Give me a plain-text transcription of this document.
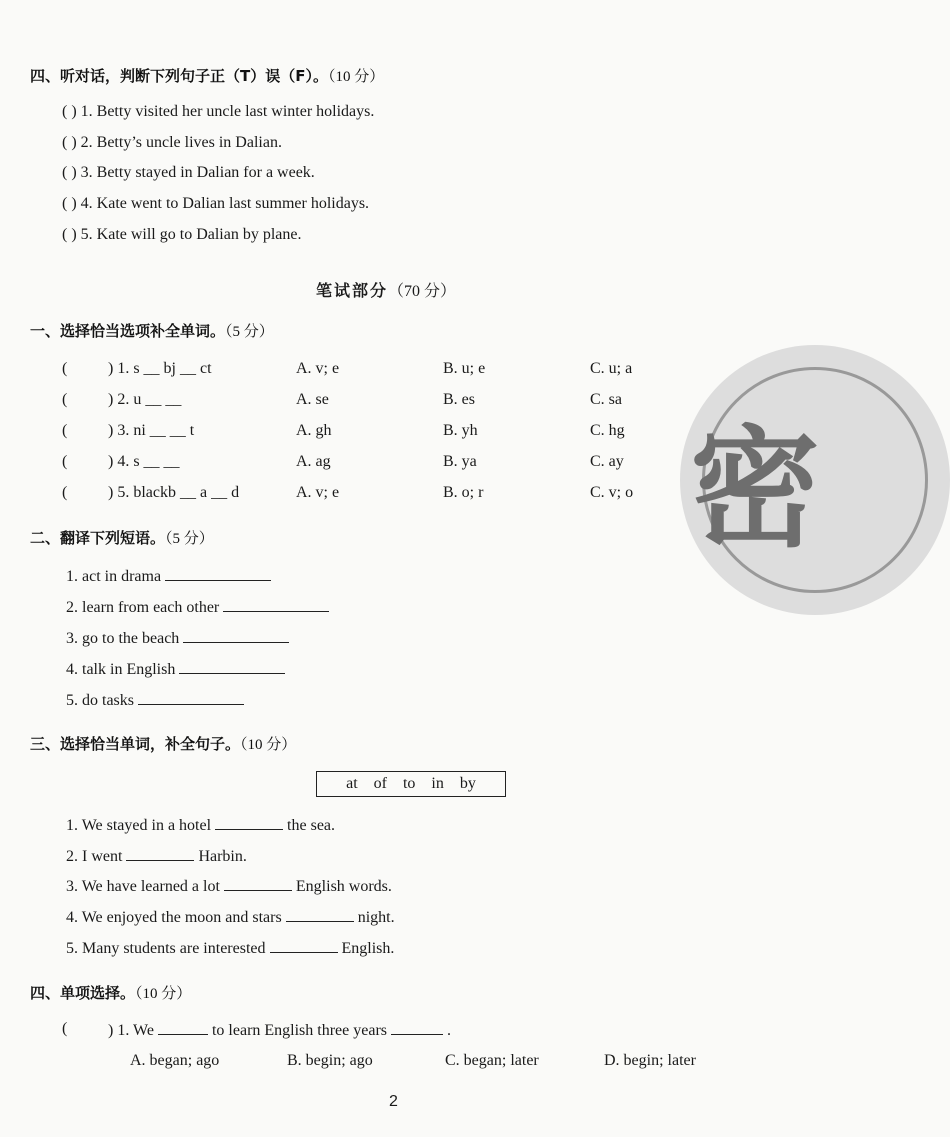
密
四、听对话，判断下列句子正（T）误（F）。（10 分）
( ) 1. Betty visited her uncle last winter holidays.
( ) 2. Betty’s uncle lives in Dalian.
( ) 3. Betty stayed in Dalian for a week.
( ) 4. Kate went to Dalian last summer holidays.
( ) 5. Kate will go to Dalian by plane.
笔试部分（70 分）
一、选择恰当选项补全单词。（5 分）
(	) 1. s __ bj __ ct	A. v; e	B. u; e	C. u; a
(	) 2. u __ __	A. se	B. es	C. sa
(	) 3. ni __ __ t	A. gh	B. yh	C. hg
(	) 4. s __ __	A. ag	B. ya	C. ay
(	) 5. blackb __ a __ d	A. v; e	B. o; r	C. v; o
二、翻译下列短语。（5 分）
1. act in drama
2. learn from each other
3. go to the beach
4. talk in English
5. do tasks
三、选择恰当单词，补全句子。（10 分）
at of to in by
1. We stayed in a hotel	the sea.
2. I went	Harbin.
3. We have learned a lot	English words.
4. We enjoyed the moon and stars	night.
5. Many students are interested	English.
四、单项选择。（10 分）
(	) 1. We	to learn English three years	.
A. began; ago	B. begin; ago	C. began; later	D. begin; later
2
